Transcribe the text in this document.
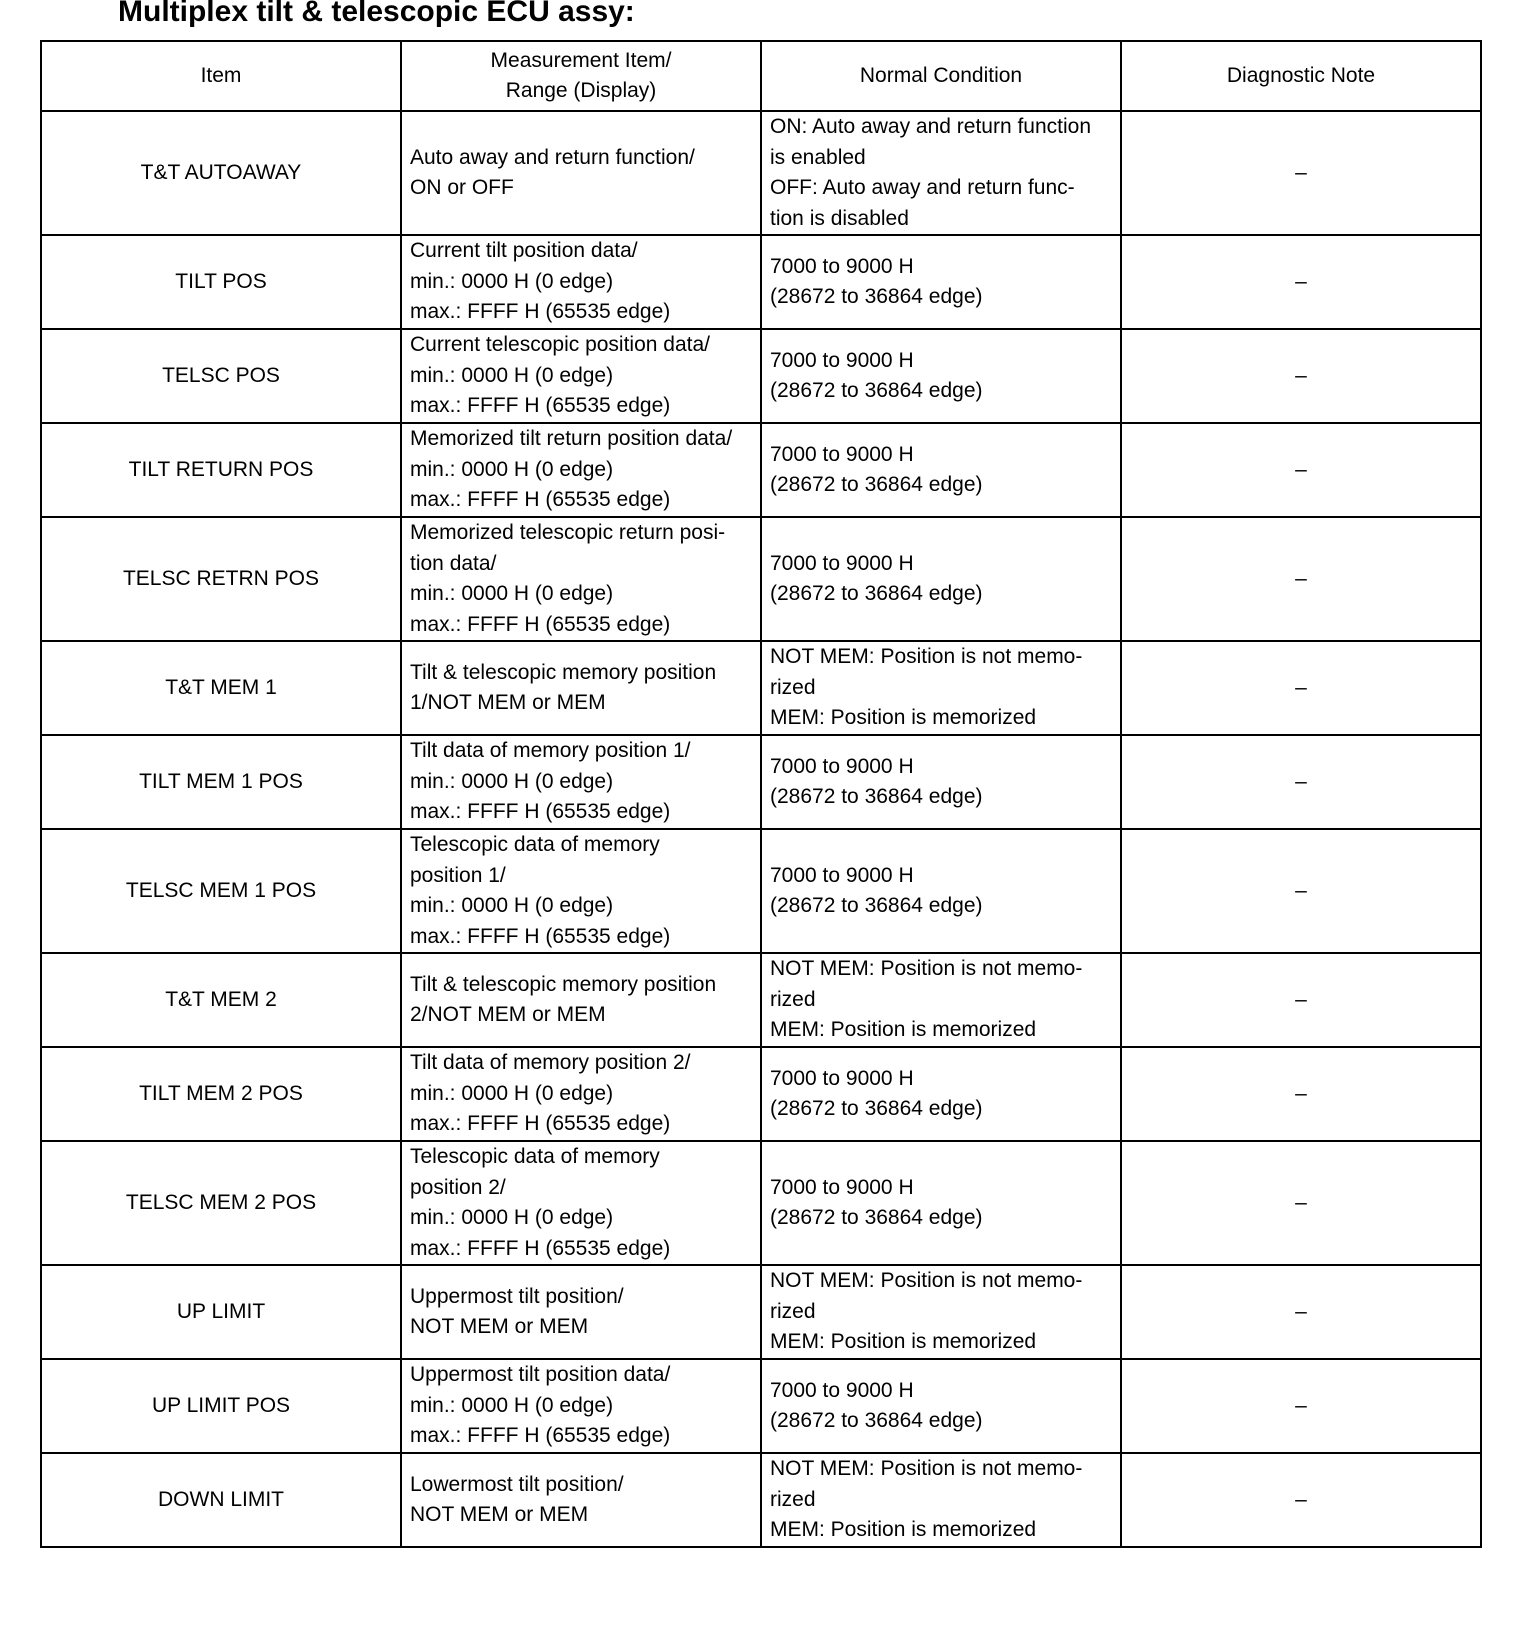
Multiplex tilt & telescopic ECU assy:
Item	Measurement Item/
Range (Display)	Normal Condition	Diagnostic Note
T&T AUTOAWAY	Auto away and return function/
ON or OFF	ON: Auto away and return function
is enabled
OFF: Auto away and return func-
tion is disabled	–
TILT POS	Current tilt position data/
min.: 0000 H (0 edge)
max.: FFFF H (65535 edge)	7000 to 9000 H
(28672 to 36864 edge)	–
TELSC POS	Current telescopic position data/
min.: 0000 H (0 edge)
max.: FFFF H (65535 edge)	7000 to 9000 H
(28672 to 36864 edge)	–
TILT RETURN POS	Memorized tilt return position data/
min.: 0000 H (0 edge)
max.: FFFF H (65535 edge)	7000 to 9000 H
(28672 to 36864 edge)	–
TELSC RETRN POS	Memorized telescopic return posi-
tion data/
min.: 0000 H (0 edge)
max.: FFFF H (65535 edge)	7000 to 9000 H
(28672 to 36864 edge)	–
T&T MEM 1	Tilt & telescopic memory position
1/NOT MEM or MEM	NOT MEM: Position is not memo-
rized
MEM: Position is memorized	–
TILT MEM 1 POS	Tilt data of memory position 1/
min.: 0000 H (0 edge)
max.: FFFF H (65535 edge)	7000 to 9000 H
(28672 to 36864 edge)	–
TELSC MEM 1 POS	Telescopic data of memory
position 1/
min.: 0000 H (0 edge)
max.: FFFF H (65535 edge)	7000 to 9000 H
(28672 to 36864 edge)	–
T&T MEM 2	Tilt & telescopic memory position
2/NOT MEM or MEM	NOT MEM: Position is not memo-
rized
MEM: Position is memorized	–
TILT MEM 2 POS	Tilt data of memory position 2/
min.: 0000 H (0 edge)
max.: FFFF H (65535 edge)	7000 to 9000 H
(28672 to 36864 edge)	–
TELSC MEM 2 POS	Telescopic data of memory
position 2/
min.: 0000 H (0 edge)
max.: FFFF H (65535 edge)	7000 to 9000 H
(28672 to 36864 edge)	–
UP LIMIT	Uppermost tilt position/
NOT MEM or MEM	NOT MEM: Position is not memo-
rized
MEM: Position is memorized	–
UP LIMIT POS	Uppermost tilt position data/
min.: 0000 H (0 edge)
max.: FFFF H (65535 edge)	7000 to 9000 H
(28672 to 36864 edge)	–
DOWN LIMIT	Lowermost tilt position/
NOT MEM or MEM	NOT MEM: Position is not memo-
rized
MEM: Position is memorized	–
